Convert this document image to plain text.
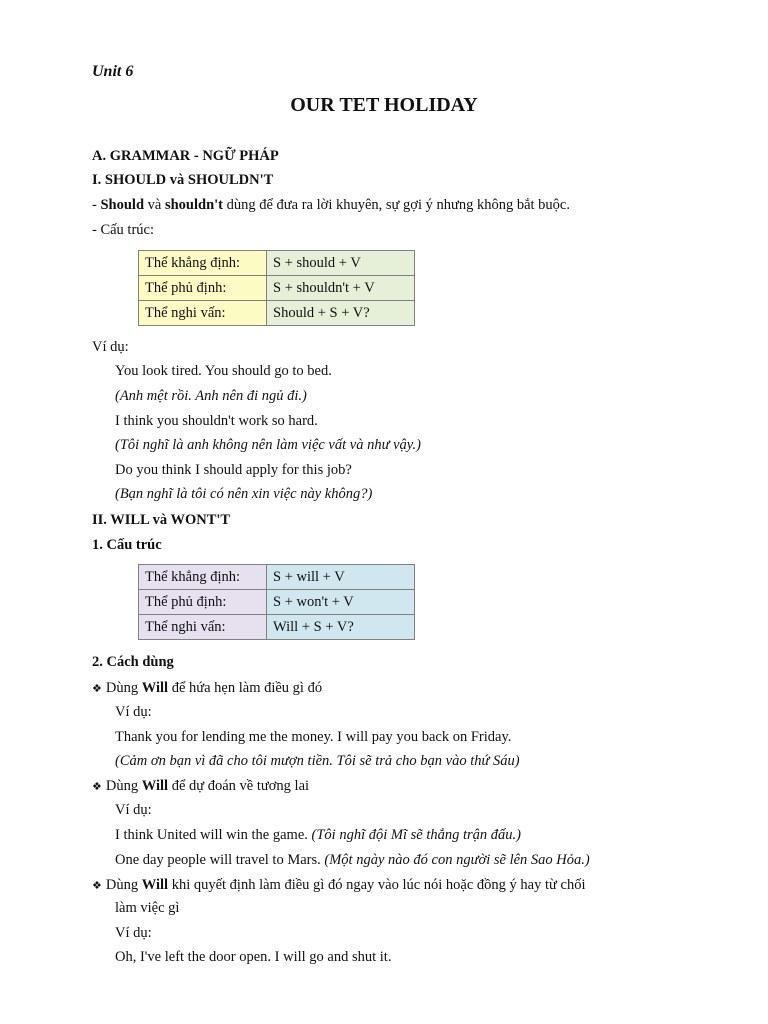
Unit 6
OUR TET HOLIDAY
A. GRAMMAR - NGỮ PHÁP
I. SHOULD và SHOULDN'T
- Should và shouldn't dùng để đưa ra lời khuyên, sự gợi ý nhưng không bắt buộc.
- Cấu trúc:
Thể khẳng định:	S + should + V
Thể phủ định:	S + shouldn't + V
Thể nghi vấn:	Should + S + V?
Ví dụ:
You look tired. You should go to bed.
(Anh mệt rồi. Anh nên đi ngủ đi.)
I think you shouldn't work so hard.
(Tôi nghĩ là anh không nên làm việc vất và như vậy.)
Do you think I should apply for this job?
(Bạn nghĩ là tôi có nên xin việc này không?)
II. WILL và WONT'T
1. Cấu trúc
Thể khẳng định:	S + will + V
Thể phủ định:	S + won't + V
Thể nghi vấn:	Will + S + V?
2. Cách dùng
❖ Dùng Will để hứa hẹn làm điều gì đó
Ví dụ:
Thank you for lending me the money. I will pay you back on Friday.
(Cảm ơn bạn vì đã cho tôi mượn tiền. Tôi sẽ trả cho bạn vào thứ Sáu)
❖ Dùng Will để dự đoán về tương lai
Ví dụ:
I think United will win the game. (Tôi nghĩ đội Mĩ sẽ thắng trận đấu.)
One day people will travel to Mars. (Một ngày nào đó con người sẽ lên Sao Hỏa.)
❖ Dùng Will khi quyết định làm điều gì đó ngay vào lúc nói hoặc đồng ý hay từ chối
làm việc gì
Ví dụ:
Oh, I've left the door open. I will go and shut it.
